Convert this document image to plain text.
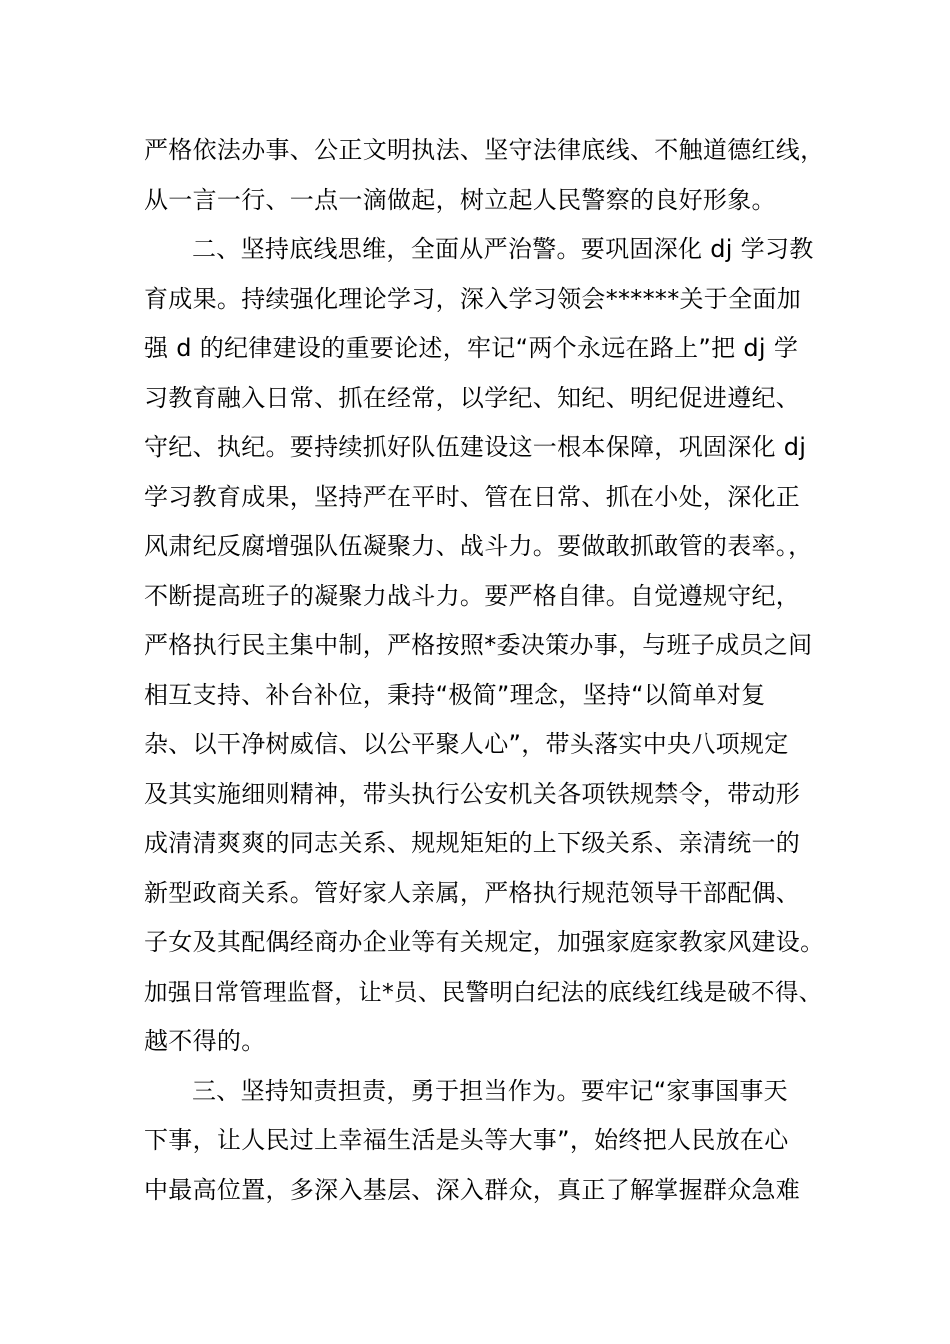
严格依法办事、公正文明执法、坚守法律底线、不触道德红线，
从一言一行、一点一滴做起，树立起人民警察的良好形象。
二、坚持底线思维，全面从严治警。要巩固深化 dj 学习教
育成果。持续强化理论学习，深入学习领会******关于全面加
强 d 的纪律建设的重要论述，牢记“两个永远在路上”把 dj 学
习教育融入日常、抓在经常，以学纪、知纪、明纪促进遵纪、
守纪、执纪。要持续抓好队伍建设这一根本保障，巩固深化 dj
学习教育成果，坚持严在平时、管在日常、抓在小处，深化正
风肃纪反腐增强队伍凝聚力、战斗力。要做敢抓敢管的表率。，
不断提高班子的凝聚力战斗力。要严格自律。自觉遵规守纪，
严格执行民主集中制，严格按照*委决策办事，与班子成员之间
相互支持、补台补位，秉持“极简”理念，坚持“以简单对复
杂、以干净树威信、以公平聚人心”，带头落实中央八项规定
及其实施细则精神，带头执行公安机关各项铁规禁令，带动形
成清清爽爽的同志关系、规规矩矩的上下级关系、亲清统一的
新型政商关系。管好家人亲属，严格执行规范领导干部配偶、
子女及其配偶经商办企业等有关规定，加强家庭家教家风建设。
加强日常管理监督，让*员、民警明白纪法的底线红线是破不得、
越不得的。
三、坚持知责担责，勇于担当作为。要牢记“家事国事天
下事，让人民过上幸福生活是头等大事”，始终把人民放在心
中最高位置，多深入基层、深入群众，真正了解掌握群众急难
